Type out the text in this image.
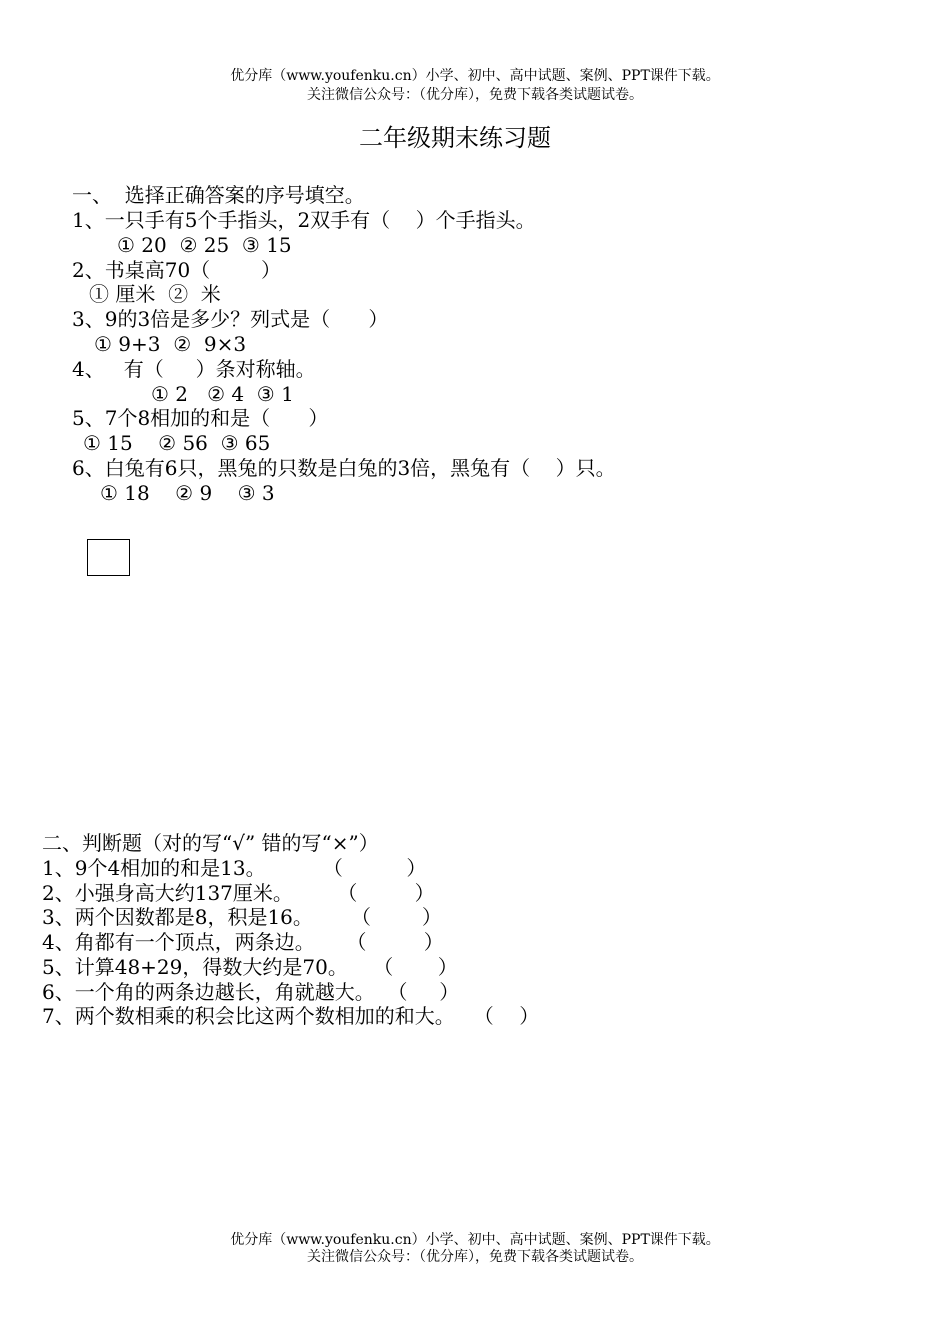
优分库（www.youfenku.cn）小学、初中、高中试题、案例、PPT课件下载。
关注微信公众号：（优分库），免费下载各类试题试卷。
二年级期末练习题
一、  选择正确答案的序号填空。
1、一只手有5个手指头，2双手有（    ）个手指头。
① 20  ② 25  ③ 15
2、书桌高70（        ）
① 厘米  ②  米
3、9的3倍是多少？列式是（      ）
① 9+3  ②  9×3
4、   有（     ）条对称轴。
① 2   ② 4  ③ 1
5、7个8相加的和是（      ）
① 15    ② 56  ③ 65
6、白兔有6只，黑兔的只数是白兔的3倍，黑兔有（    ）只。
① 18    ② 9    ③ 3
二、判断题（对的写“√” 错的写“×”）
1、9个4相加的和是13。         （          ）
2、小强身高大约137厘米。       （         ）
3、两个因数都是8，积是16。      （        ）
4、角都有一个顶点，两条边。     （         ）
5、计算48+29，得数大约是70。    （       ）
6、一个角的两条边越长，角就越大。  （     ）
7、两个数相乘的积会比这两个数相加的和大。   （    ）
优分库（www.youfenku.cn）小学、初中、高中试题、案例、PPT课件下载。
关注微信公众号：（优分库），免费下载各类试题试卷。
